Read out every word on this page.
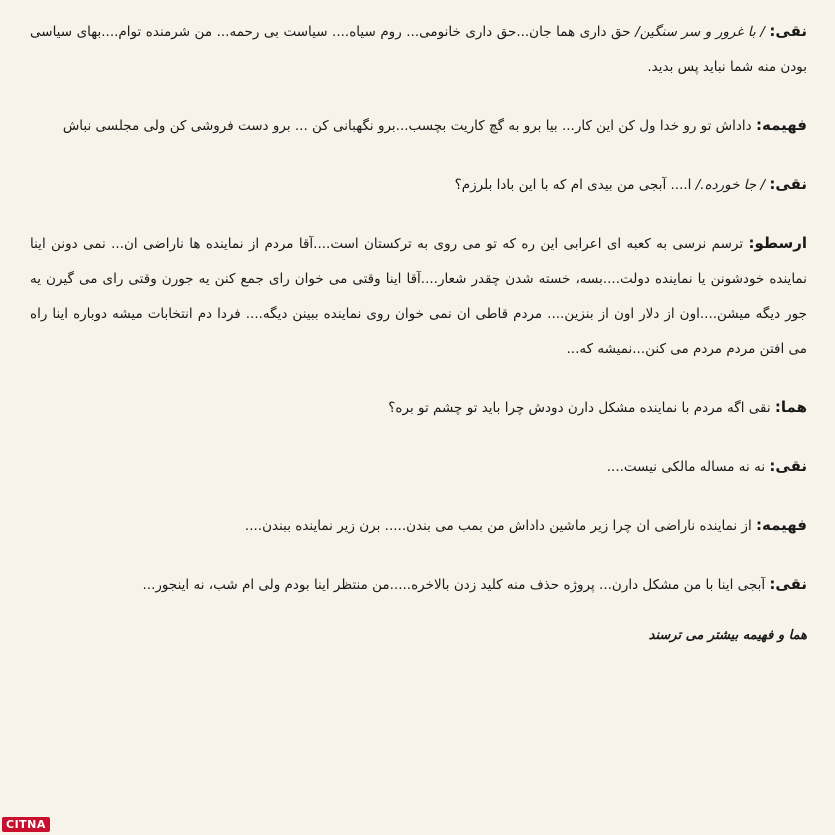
نقی: / با غرور و سر سنگین/ حق داری هما جان...حق داری خانومی... روم سیاه.... سیاست بی رحمه... من شرمنده توام....بهای سیاسی بودن منه شما نباید پس بدید.

فهیمه: داداش تو رو خدا ول کن این کار... بیا برو به گچ کاریت بچسب...برو نگهبانی کن ... برو دست فروشی کن ولی مجلسی نباش

نقی: / جا خورده./ ا.... آبجی من بیدی ام که با این بادا بلرزم؟

ارسطو: ترسم نرسی به کعبه ای اعرابی این ره که تو می روی به ترکستان است....آقا مردم از نماینده ها ناراضی ان... نمی دونن اینا نماینده خودشونن یا نماینده دولت....بسه، خسته شدن چقدر شعار....آقا اینا وقتی می خوان رای جمع کنن یه جورن وقتی رای می گیرن یه جور دیگه میشن....اون از دلار اون از بنزین.... مردم قاطی ان نمی خوان روی نماینده ببینن دیگه.... فردا دم انتخابات میشه دوباره اینا راه می افتن مردم مردم می کنن...نمیشه که...

هما: نقی اگه مردم با نماینده مشکل دارن دودش چرا باید تو چشم تو بره؟

نقی: نه نه مساله مالکی نیست....

فهیمه: از نماینده ناراضی ان چرا زیر ماشین داداش من بمب می بندن..... برن زیر نماینده ببندن....

نقی: آبجی اینا با من مشکل دارن... پروژه حذف منه کلید زدن بالاخره.....من منتظر اینا بودم ولی ام شب، نه اینجور...

هما و فهیمه بیشتر می ترسند

CITNA
